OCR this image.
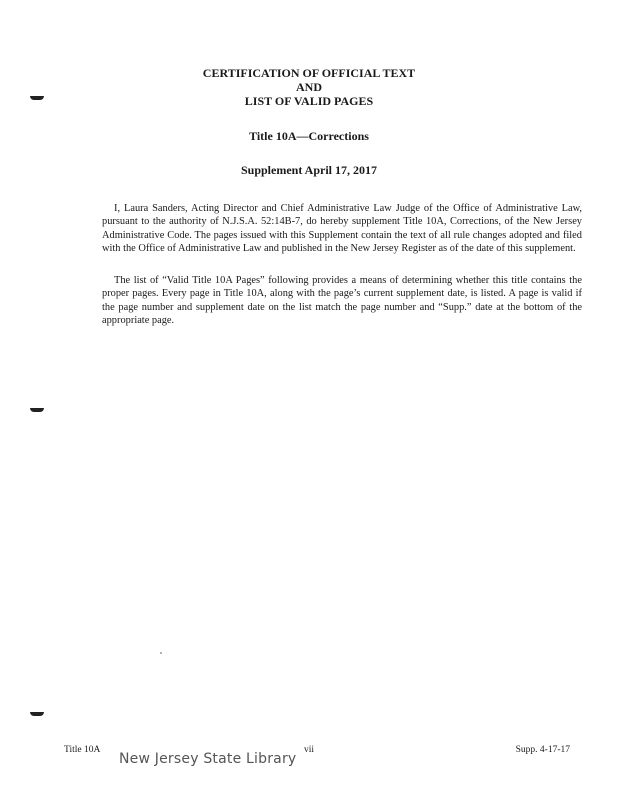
CERTIFICATION OF OFFICIAL TEXT
AND
LIST OF VALID PAGES
Title 10A—Corrections
Supplement April 17, 2017

I, Laura Sanders, Acting Director and Chief Administrative Law Judge of the Office of Administrative Law, pursuant to the authority of N.J.S.A. 52:14B-7, do hereby supplement Title 10A, Corrections, of the New Jersey Administrative Code. The pages issued with this Supplement contain the text of all rule changes adopted and filed with the Office of Administrative Law and published in the New Jersey Register as of the date of this supplement.

The list of “Valid Title 10A Pages” following provides a means of determining whether this title contains the proper pages. Every page in Title 10A, along with the page’s current supplement date, is listed. A page is valid if the page number and supplement date on the list match the page number and “Supp.” date at the bottom of the appropriate page.

Title 10A	vii	Supp. 4-17-17
New Jersey State Library
